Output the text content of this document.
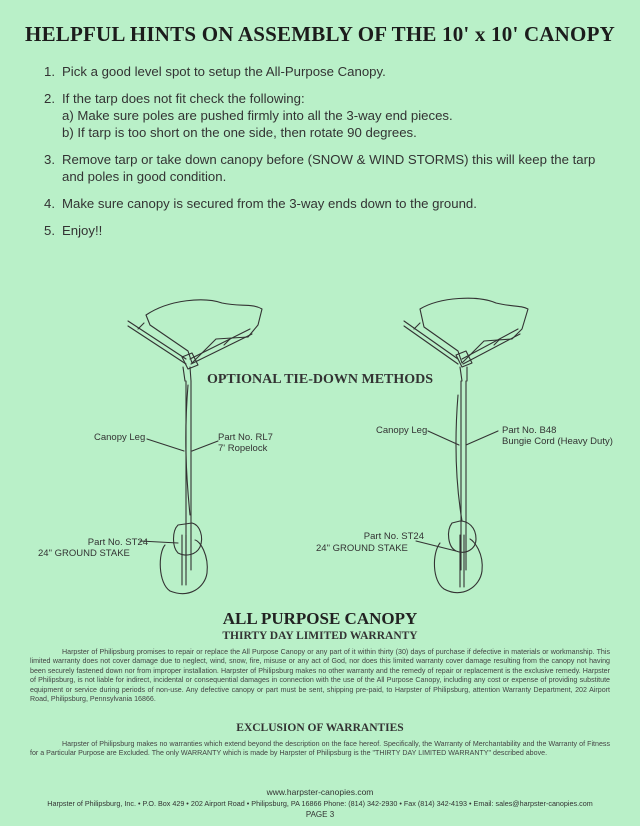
HELPFUL HINTS ON ASSEMBLY OF THE 10' x 10' CANOPY
1. Pick a good level spot to setup the All-Purpose Canopy.
2. If the tarp does not fit check the following:
a) Make sure poles are pushed firmly into all the 3-way end pieces.
b) If tarp is too short on the one side, then rotate 90 degrees.
3. Remove tarp or take down canopy before (SNOW & WIND STORMS) this will keep the tarp
and poles in good condition.
4. Make sure canopy is secured from the 3-way ends down to the ground.
5. Enjoy!!
OPTIONAL TIE-DOWN METHODS
Canopy Leg	Part No. RL7
7' Ropelock
Part No. ST24
24" GROUND STAKE
Canopy Leg	Part No. B48
Bungie Cord (Heavy Duty)
Part No. ST24
24" GROUND STAKE
ALL PURPOSE CANOPY
THIRTY DAY LIMITED WARRANTY
Harpster of Philipsburg promises to repair or replace the All Purpose Canopy or any part of it within thirty (30) days of purchase if defective in materials or workmanship. This limited warranty does not cover damage due to neglect, wind, snow, fire, misuse or any act of God, nor does this limited warranty cover damage resulting from the canopy not having been securely fastened down nor from improper installation. Harpster of Philipsburg makes no other warranty and the remedy of repair or replacement is the exclusive remedy. Harpster of Philipsburg, is not liable for indirect, incidental or consequential damages in connection with the use of the All Purpose Canopy, including any cost or expense of providing substitute equipment or service during periods of non-use. Any defective canopy or part must be sent, shipping pre-paid, to Harpster of Philipsburg, attention Warranty Department, 202 Airport Road, Philipsburg, Pennsylvania 16866.
EXCLUSION OF WARRANTIES
Harpster of Philipsburg makes no warranties which extend beyond the description on the face hereof. Specifically, the Warranty of Merchantability and the Warranty of Fitness for a Particular Purpose are Excluded. The only WARRANTY which is made by Harpster of Philipsburg is the "THIRTY DAY LIMITED WARRANTY" described above.
www.harpster-canopies.com
Harpster of Philipsburg, Inc. • P.O. Box 429 • 202 Airport Road • Philipsburg, PA 16866 Phone: (814) 342-2930 • Fax (814) 342-4193 • Email: sales@harpster-canopies.com
PAGE 3
